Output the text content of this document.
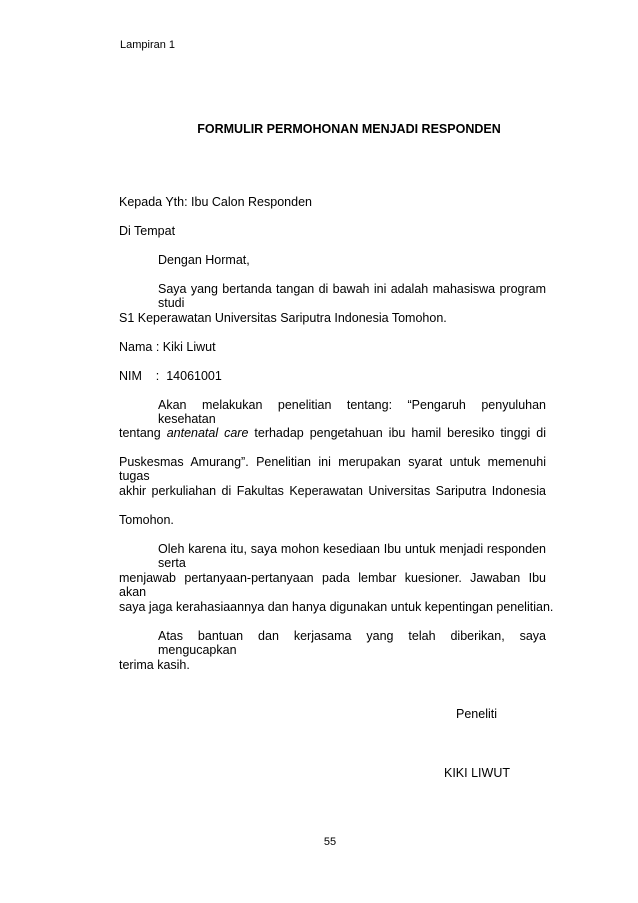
Lampiran 1
FORMULIR PERMOHONAN MENJADI RESPONDEN
Kepada Yth: Ibu Calon Responden
Di Tempat
Dengan Hormat,
Saya yang bertanda tangan di bawah ini adalah mahasiswa program studi
S1 Keperawatan Universitas Sariputra Indonesia Tomohon.
Nama : Kiki Liwut
NIM    :  14061001
Akan melakukan penelitian tentang: “Pengaruh penyuluhan kesehatan
tentang antenatal care terhadap pengetahuan ibu hamil beresiko tinggi di
Puskesmas Amurang”. Penelitian ini merupakan syarat untuk memenuhi tugas
akhir perkuliahan di Fakultas Keperawatan Universitas Sariputra Indonesia
Tomohon.
Oleh karena itu, saya mohon kesediaan Ibu untuk menjadi responden serta
menjawab pertanyaan-pertanyaan pada lembar kuesioner. Jawaban Ibu akan
saya jaga kerahasiaannya dan hanya digunakan untuk kepentingan penelitian.
Atas bantuan dan kerjasama yang telah diberikan, saya mengucapkan
terima kasih.
Peneliti
KIKI LIWUT
55
